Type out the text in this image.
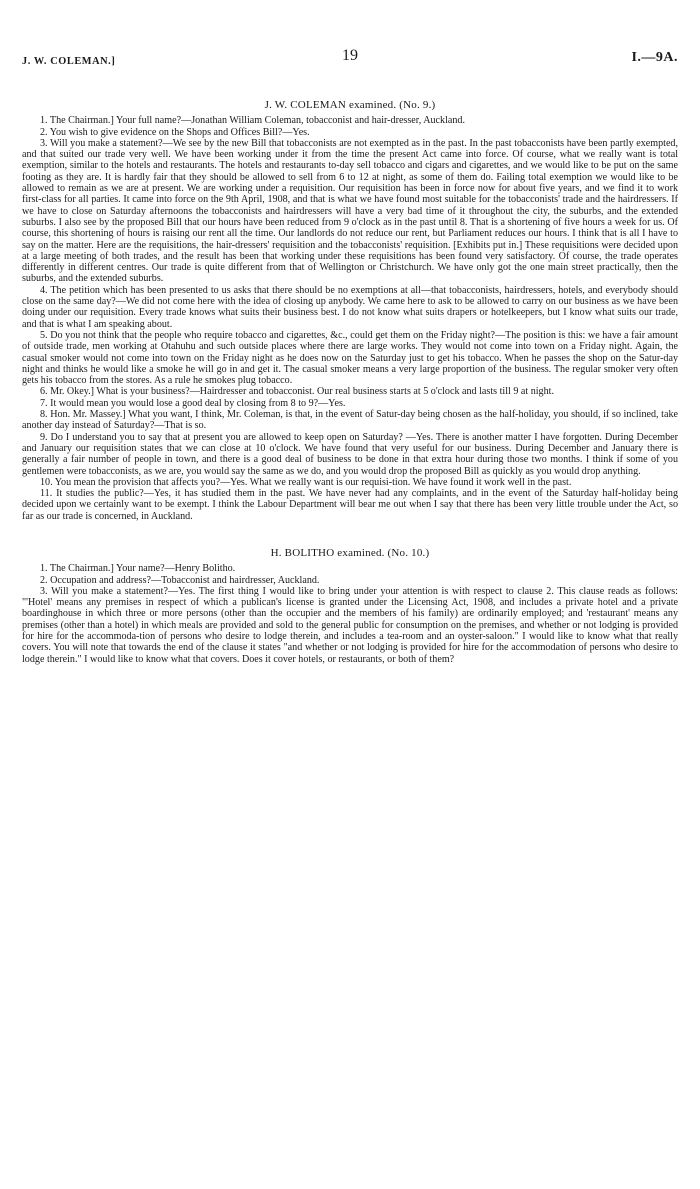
J. W. COLEMAN.]	19	I.—9A.
J. W. COLEMAN examined. (No. 9.)

1. The Chairman.] Your full name?—Jonathan William Coleman, tobacconist and hair-dresser, Auckland.

2. You wish to give evidence on the Shops and Offices Bill?—Yes.

3. Will you make a statement?—We see by the new Bill that tobacconists are not exempted as in the past. In the past tobacconists have been partly exempted, and that suited our trade very well. We have been working under it from the time the present Act came into force. Of course, what we really want is total exemption, similar to the hotels and restaurants. The hotels and restaurants to-day sell tobacco and cigars and cigarettes, and we would like to be put on the same footing as they are. It is hardly fair that they should be allowed to sell from 6 to 12 at night, as some of them do. Failing total exemption we would like to be allowed to remain as we are at present. We are working under a requisition. Our requisition has been in force now for about five years, and we find it to work first-class for all parties. It came into force on the 9th April, 1908, and that is what we have found most suitable for the tobacconists' trade and the hairdressers. If we have to close on Saturday afternoons the tobacconists and hairdressers will have a very bad time of it throughout the city, the suburbs, and the extended suburbs. I also see by the proposed Bill that our hours have been reduced from 9 o'clock as in the past until 8. That is a shortening of five hours a week for us. Of course, this shortening of hours is raising our rent all the time. Our landlords do not reduce our rent, but Parliament reduces our hours. I think that is all I have to say on the matter. Here are the requisitions, the hair-dressers' requisition and the tobacconists' requisition. [Exhibits put in.] These requisitions were decided upon at a large meeting of both trades, and the result has been that working under these requisitions has been found very satisfactory. Of course, the trade operates differently in different centres. Our trade is quite different from that of Wellington or Christchurch. We have only got the one main street practically, then the suburbs, and the extended suburbs.

4. The petition which has been presented to us asks that there should be no exemptions at all—that tobacconists, hairdressers, hotels, and everybody should close on the same day?—We did not come here with the idea of closing up anybody. We came here to ask to be allowed to carry on our business as we have been doing under our requisition. Every trade knows what suits their business best. I do not know what suits drapers or hotelkeepers, but I know what suits our trade, and that is what I am speaking about.

5. Do you not think that the people who require tobacco and cigarettes, &c., could get them on the Friday night?—The position is this: we have a fair amount of outside trade, men working at Otahuhu and such outside places where there are large works. They would not come into town on a Friday night. Again, the casual smoker would not come into town on the Friday night as he does now on the Saturday just to get his tobacco. When he passes the shop on the Satur-day night and thinks he would like a smoke he will go in and get it. The casual smoker means a very large proportion of the business. The regular smoker very often gets his tobacco from the stores. As a rule he smokes plug tobacco.

6. Mr. Okey.] What is your business?—Hairdresser and tobacconist. Our real business starts at 5 o'clock and lasts till 9 at night.

7. It would mean you would lose a good deal by closing from 8 to 9?—Yes.

8. Hon. Mr. Massey.] What you want, I think, Mr. Coleman, is that, in the event of Satur-day being chosen as the half-holiday, you should, if so inclined, take another day instead of Saturday?—That is so.

9. Do I understand you to say that at present you are allowed to keep open on Saturday? —Yes. There is another matter I have forgotten. During December and January our requisition states that we can close at 10 o'clock. We have found that very useful for our business. During December and January there is generally a fair number of people in town, and there is a good deal of business to be done in that extra hour during those two months. I think if some of you gentlemen were tobacconists, as we are, you would say the same as we do, and you would drop the proposed Bill as quickly as you would drop anything.

10. You mean the provision that affects you?—Yes. What we really want is our requisi-tion. We have found it work well in the past.

11. It studies the public?—Yes, it has studied them in the past. We have never had any complaints, and in the event of the Saturday half-holiday being decided upon we certainly want to be exempt. I think the Labour Department will bear me out when I say that there has been very little trouble under the Act, so far as our trade is concerned, in Auckland.

H. BOLITHO examined. (No. 10.)

1. The Chairman.] Your name?—Henry Bolitho.

2. Occupation and address?—Tobacconist and hairdresser, Auckland.

3. Will you make a statement?—Yes. The first thing I would like to bring under your attention is with respect to clause 2. This clause reads as follows: "'Hotel' means any premises in respect of which a publican's license is granted under the Licensing Act, 1908, and includes a private hotel and a private boardinghouse in which three or more persons (other than the occupier and the members of his family) are ordinarily employed; and 'restaurant' means any premises (other than a hotel) in which meals are provided and sold to the general public for consumption on the premises, and whether or not lodging is provided for hire for the accommoda-tion of persons who desire to lodge therein, and includes a tea-room and an oyster-saloon." I would like to know what that really covers. You will note that towards the end of the clause it states "and whether or not lodging is provided for hire for the accommodation of persons who desire to lodge therein." I would like to know what that covers. Does it cover hotels, or restaurants, or both of them?
